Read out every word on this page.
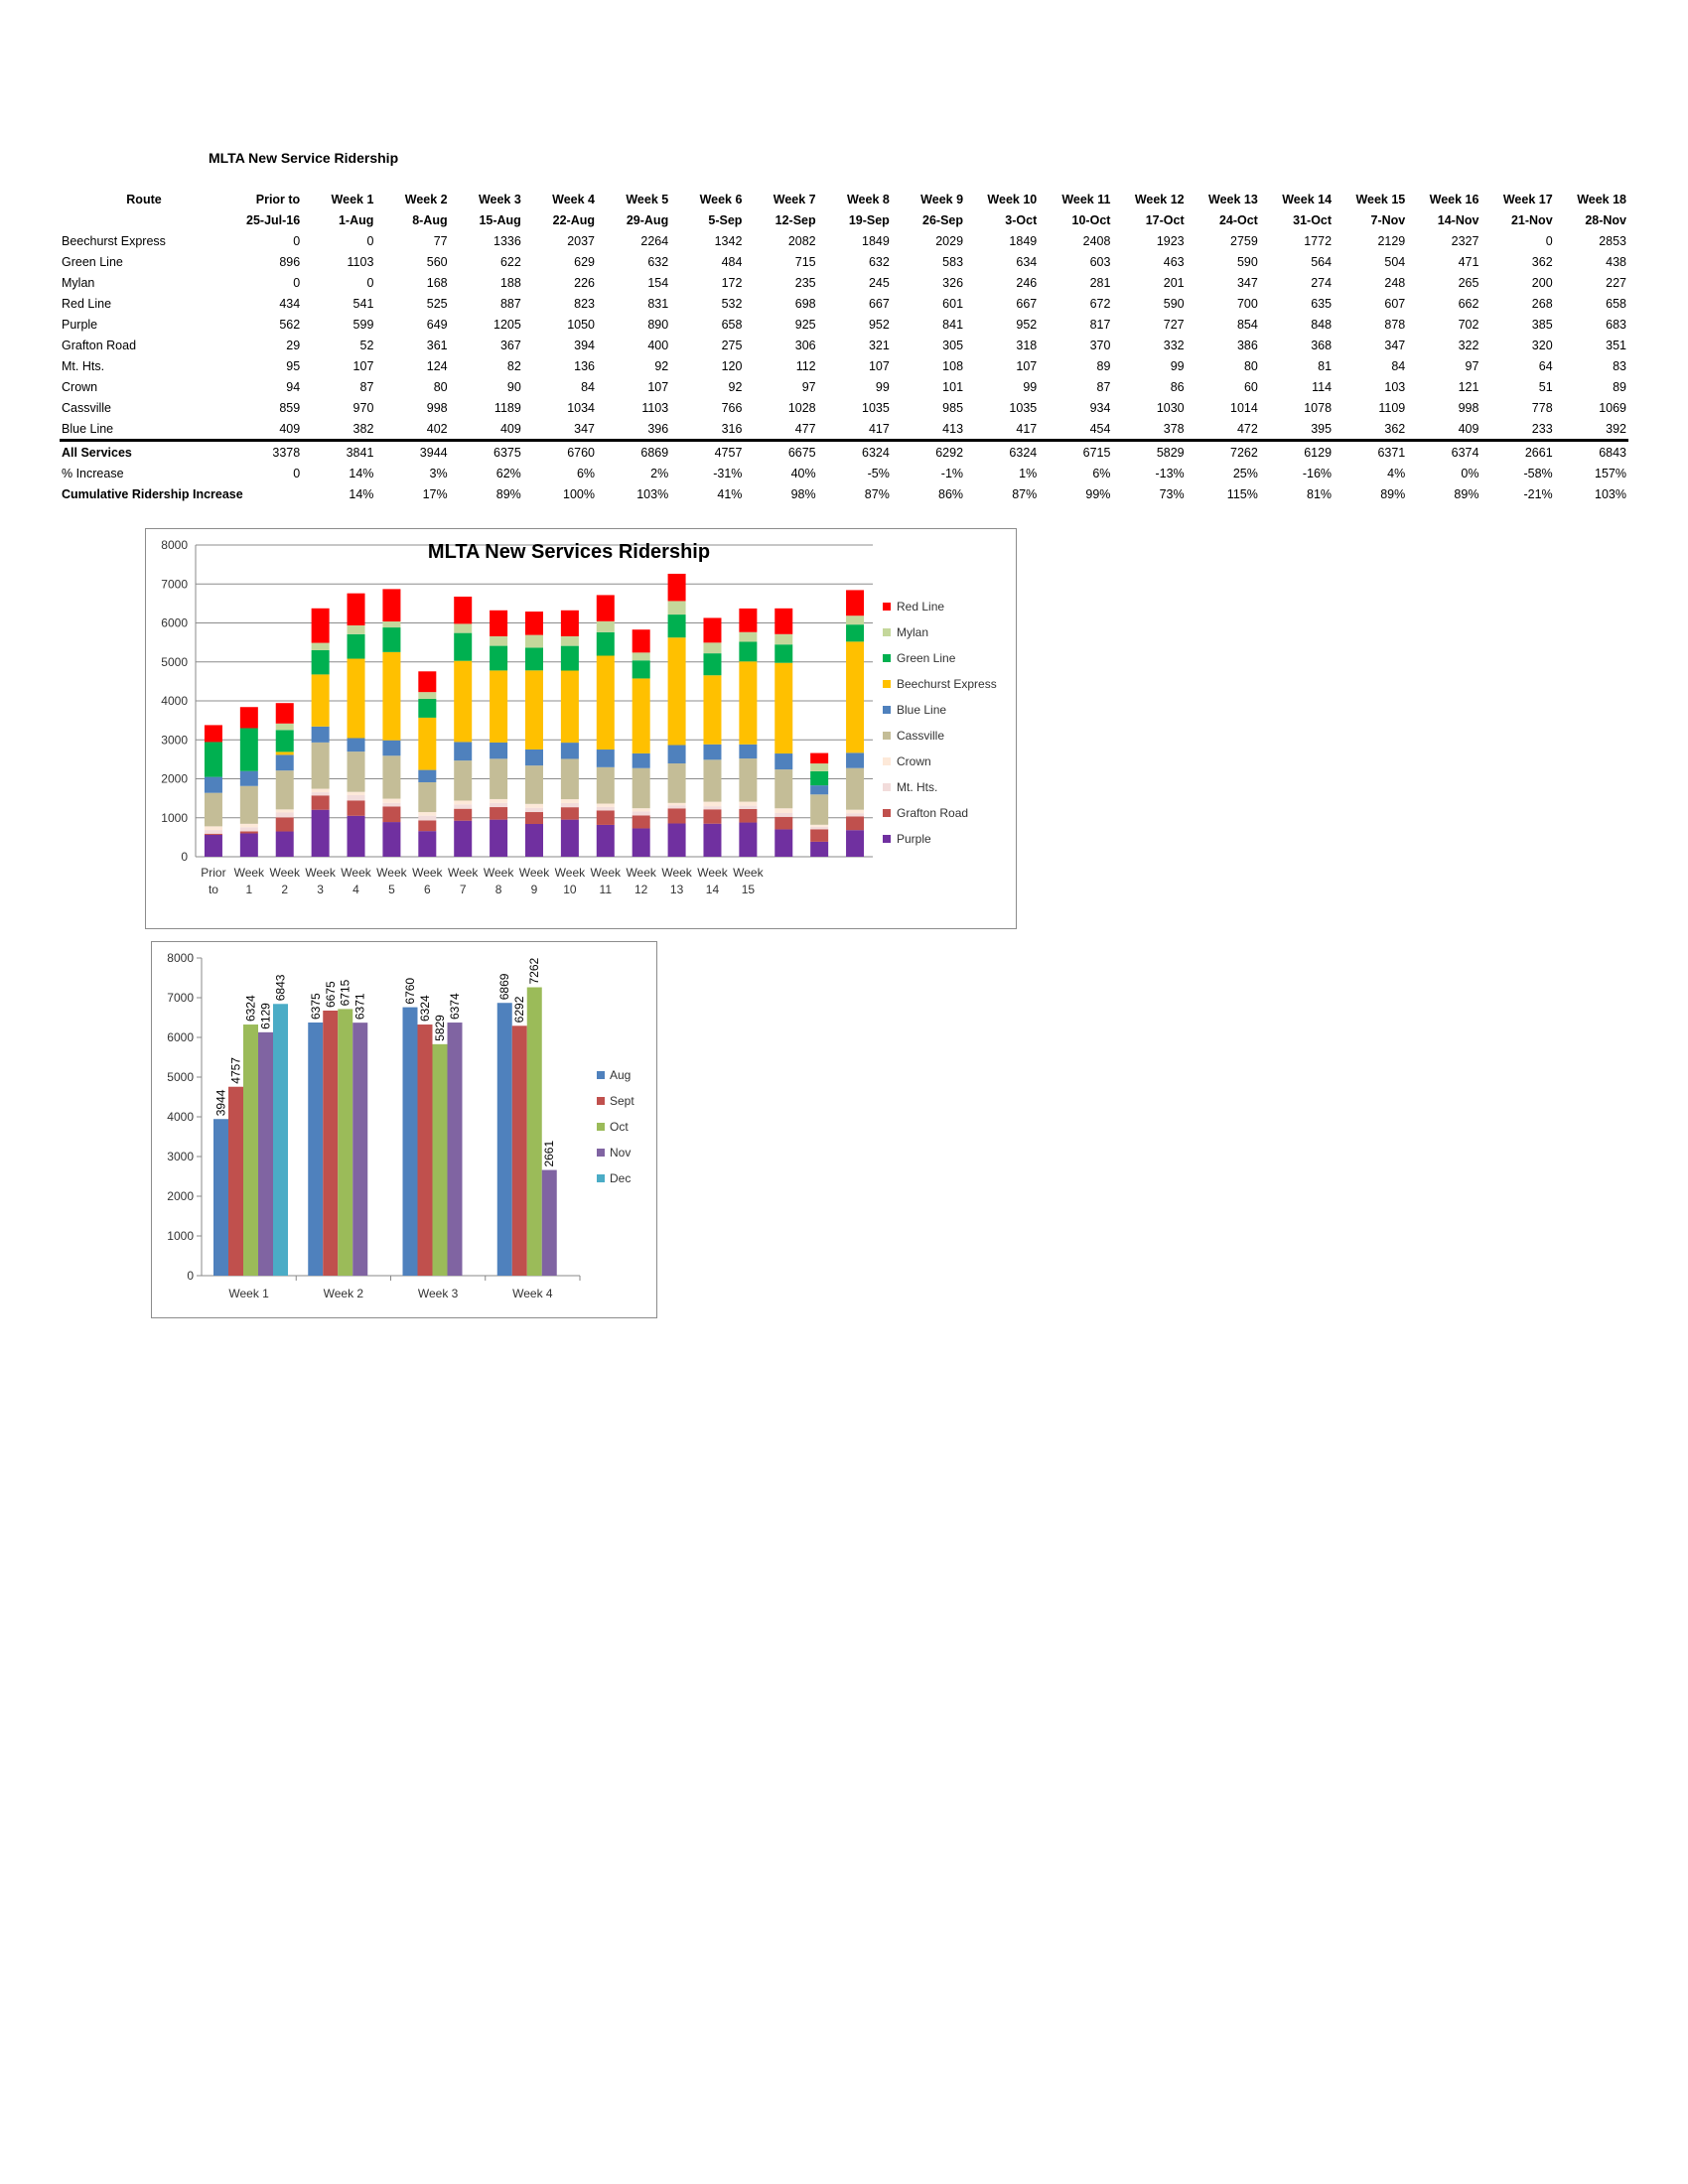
MLTA New Service Ridership
Route	Prior to	Week 1	Week 2	Week 3	Week 4	Week 5	Week 6	Week 7	Week 8	Week 9	Week 10	Week 11	Week 12	Week 13	Week 14	Week 15	Week 16	Week 17	Week 18
	25-Jul-16	1-Aug	8-Aug	15-Aug	22-Aug	29-Aug	5-Sep	12-Sep	19-Sep	26-Sep	3-Oct	10-Oct	17-Oct	24-Oct	31-Oct	7-Nov	14-Nov	21-Nov	28-Nov
Beechurst Express	0	0	77	1336	2037	2264	1342	2082	1849	2029	1849	2408	1923	2759	1772	2129	2327	0	2853
Green Line	896	1103	560	622	629	632	484	715	632	583	634	603	463	590	564	504	471	362	438
Mylan	0	0	168	188	226	154	172	235	245	326	246	281	201	347	274	248	265	200	227
Red Line	434	541	525	887	823	831	532	698	667	601	667	672	590	700	635	607	662	268	658
Purple	562	599	649	1205	1050	890	658	925	952	841	952	817	727	854	848	878	702	385	683
Grafton Road	29	52	361	367	394	400	275	306	321	305	318	370	332	386	368	347	322	320	351
Mt. Hts.	95	107	124	82	136	92	120	112	107	108	107	89	99	80	81	84	97	64	83
Crown	94	87	80	90	84	107	92	97	99	101	99	87	86	60	114	103	121	51	89
Cassville	859	970	998	1189	1034	1103	766	1028	1035	985	1035	934	1030	1014	1078	1109	998	778	1069
Blue Line	409	382	402	409	347	396	316	477	417	413	417	454	378	472	395	362	409	233	392
All Services	3378	3841	3944	6375	6760	6869	4757	6675	6324	6292	6324	6715	5829	7262	6129	6371	6374	2661	6843
% Increase	0	14%	3%	62%	6%	2%	-31%	40%	-5%	-1%	1%	6%	-13%	25%	-16%	4%	0%	-58%	157%
Cumulative Ridership Increase		14%	17%	89%	100%	103%	41%	98%	87%	86%	87%	99%	73%	115%	81%	89%	89%	-21%	103%
0
1000
2000
3000
4000
5000
6000
7000
8000	MLTA New Services Ridership
Prior
to
Week
1
Week
2
Week
3
Week
4
Week
5
Week
6
Week
7
Week
8
Week
9
Week
10
Week
11
Week
12
Week
13
Week
14
Week
15
Red Line
Mylan
Green Line
Beechurst Express
Blue Line
Cassville
Crown
Mt. Hts.
Grafton Road
Purple
0
1000
2000
3000
4000
5000
6000
7000
8000
3944
4757
6324 6129
6843
Week 1
6375 6675 6715
6371
Week 2
6760
6324
5829
6374
Week 3
6869
6292
7262
2661
Week 4
Aug
Sept
Oct
Nov
Dec
